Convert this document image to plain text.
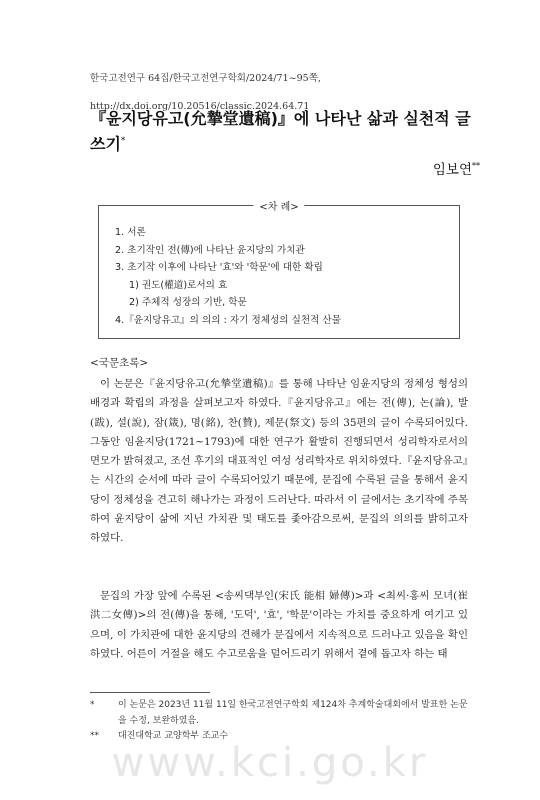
한국고전연구 64집/한국고전연구학회/2024/71~95쪽,

http://dx.doi.org/10.20516/classic.2024.64.71

『윤지당유고(允摯堂遺稿)』에 나타난 삶과 실천적 글쓰기*
임보연**
<차 례>
1. 서론
2. 초기작인 전(傳)에 나타난 윤지당의 가치관
3. 초기작 이후에 나타난 '효'와 '학문'에 대한 확립
1) 권도(權道)로서의 효
2) 주체적 성장의 기반, 학문
4.『윤지당유고』의 의의 : 자기 정체성의 실천적 산물
<국문초록>
이 논문은『윤지당유고(允摯堂遺稿)』를 통해 나타난 임윤지당의 정체성 형성의 배경과 확립의 과정을 살펴보고자 하였다.『윤지당유고』에는 전(傳), 논(論), 발(跋), 설(說), 잠(箴), 명(銘), 찬(贊), 제문(祭文) 등의 35편의 글이 수록되어있다. 그동안 임윤지당(1721~1793)에 대한 연구가 활발히 진행되면서 성리학자로서의 면모가 밝혀졌고, 조선 후기의 대표적인 여성 성리학자로 위치하였다.『윤지당유고』는 시간의 순서에 따라 글이 수록되어있기 때문에, 문집에 수록된 글을 통해서 윤지당이 정체성을 견고히 해나가는 과정이 드러난다. 따라서 이 글에서는 초기작에 주목하여 윤지당이 삶에 지닌 가치관 및 태도를 좇아감으로써, 문집의 의의를 밝히고자 하였다.
문집의 가장 앞에 수록된 <송씨댁부인(宋氏 能相 婦傳)>과 <최씨·홍씨 모녀(崔洪二女傳)>의 전(傳)을 통해, '도덕', '효', '학문'이라는 가치를 중요하게 여기고 있으며, 이 가치관에 대한 윤지당의 견해가 문집에서 지속적으로 드러나고 있음을 확인하였다. 어른이 거절을 해도 수고로움을 덜어드리기 위해서 곁에 돕고자 하는 태
*	이 논문은 2023년 11월 11일 한국고전연구학회 제124차 추계학술대회에서 발표한 논문을 수정, 보완하였음.
**	대진대학교 교양학부 조교수
www.kci.go.kr
